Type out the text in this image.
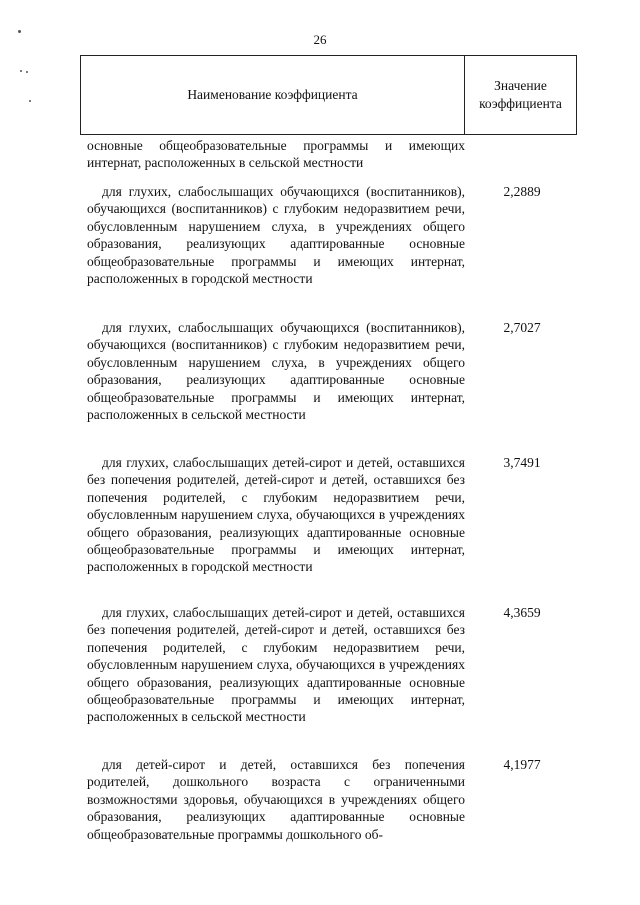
26
Наименование коэффициента
Значение коэффициента

основные общеобразовательные программы и имеющих интернат, расположенных в сельской местности

для глухих, слабослышащих обучающихся (воспитанников), обучающихся (воспитанников) с глубоким недоразвитием речи, обусловленным нарушением слуха, в учреждениях общего образования, реализующих адаптированные основные общеобразовательные программы и имеющих интернат, расположенных в городской местности

2,2889

для глухих, слабослышащих обучающихся (воспитанников), обучающихся (воспитанников) с глубоким недоразвитием речи, обусловленным нарушением слуха, в учреждениях общего образования, реализующих адаптированные основные общеобразовательные программы и имеющих интернат, расположенных в сельской местности

2,7027

для глухих, слабослышащих детей-сирот и детей, оставшихся без попечения родителей, детей-сирот и детей, оставшихся без попечения родителей, с глубоким недоразвитием речи, обусловленным нарушением слуха, обучающихся в учреждениях общего образования, реализующих адаптированные основные общеобразовательные программы и имеющих интернат, расположенных в городской местности

3,7491

для глухих, слабослышащих детей-сирот и детей, оставшихся без попечения родителей, детей-сирот и детей, оставшихся без попечения родителей, с глубоким недоразвитием речи, обусловленным нарушением слуха, обучающихся в учреждениях общего образования, реализующих адаптированные основные общеобразовательные программы и имеющих интернат, расположенных в сельской местности

4,3659

для детей-сирот и детей, оставшихся без попечения родителей, дошкольного возраста с ограниченными возможностями здоровья, обучающихся в учреждениях общего образования, реализующих адаптированные основные общеобразовательные программы дошкольного об-

4,1977
